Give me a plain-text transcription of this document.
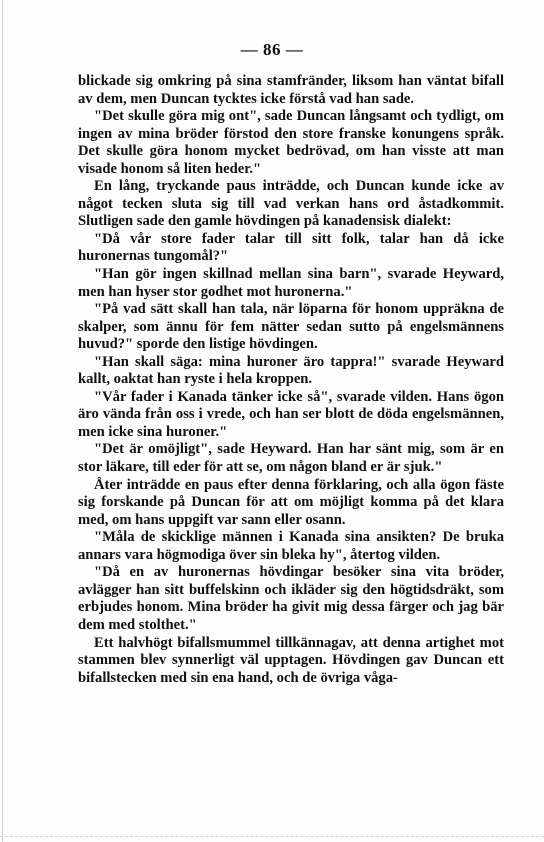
— 86 —

blickade sig omkring på sina stamfränder, liksom han väntat bifall av dem, men Duncan tycktes icke förstå vad han sade.

"Det skulle göra mig ont", sade Duncan långsamt och tydligt, om ingen av mina bröder förstod den store franske konungens språk. Det skulle göra honom mycket bedrövad, om han visste att man visade honom så liten heder."

En lång, tryckande paus inträdde, och Duncan kunde icke av något tecken sluta sig till vad verkan hans ord åstadkommit. Slutligen sade den gamle hövdingen på kanadensisk dialekt:

"Då vår store fader talar till sitt folk, talar han då icke huronernas tungomål?"

"Han gör ingen skillnad mellan sina barn", svarade Heyward, men han hyser stor godhet mot huronerna."

"På vad sätt skall han tala, när löparna för honom uppräkna de skalper, som ännu för fem nätter sedan sutto på engelsmännens huvud?" sporde den listige hövdingen.

"Han skall säga: mina huroner äro tappra!" svarade Heyward kallt, oaktat han ryste i hela kroppen.

"Vår fader i Kanada tänker icke så", svarade vilden. Hans ögon äro vända från oss i vrede, och han ser blott de döda engelsmännen, men icke sina huroner."

"Det är omöjligt", sade Heyward. Han har sänt mig, som är en stor läkare, till eder för att se, om någon bland er är sjuk."

Åter inträdde en paus efter denna förklaring, och alla ögon fäste sig forskande på Duncan för att om möjligt komma på det klara med, om hans uppgift var sann eller osann.

"Måla de skicklige männen i Kanada sina ansikten? De bruka annars vara högmodiga över sin bleka hy", återtog vilden.

"Då en av huronernas hövdingar besöker sina vita bröder, avlägger han sitt buffelskinn och ikläder sig den högtidsdräkt, som erbjudes honom. Mina bröder ha givit mig dessa färger och jag bär dem med stolthet."

Ett halvhögt bifallsmummel tillkännagav, att denna artighet mot stammen blev synnerligt väl upptagen. Hövdingen gav Duncan ett bifallstecken med sin ena hand, och de övriga våga-
